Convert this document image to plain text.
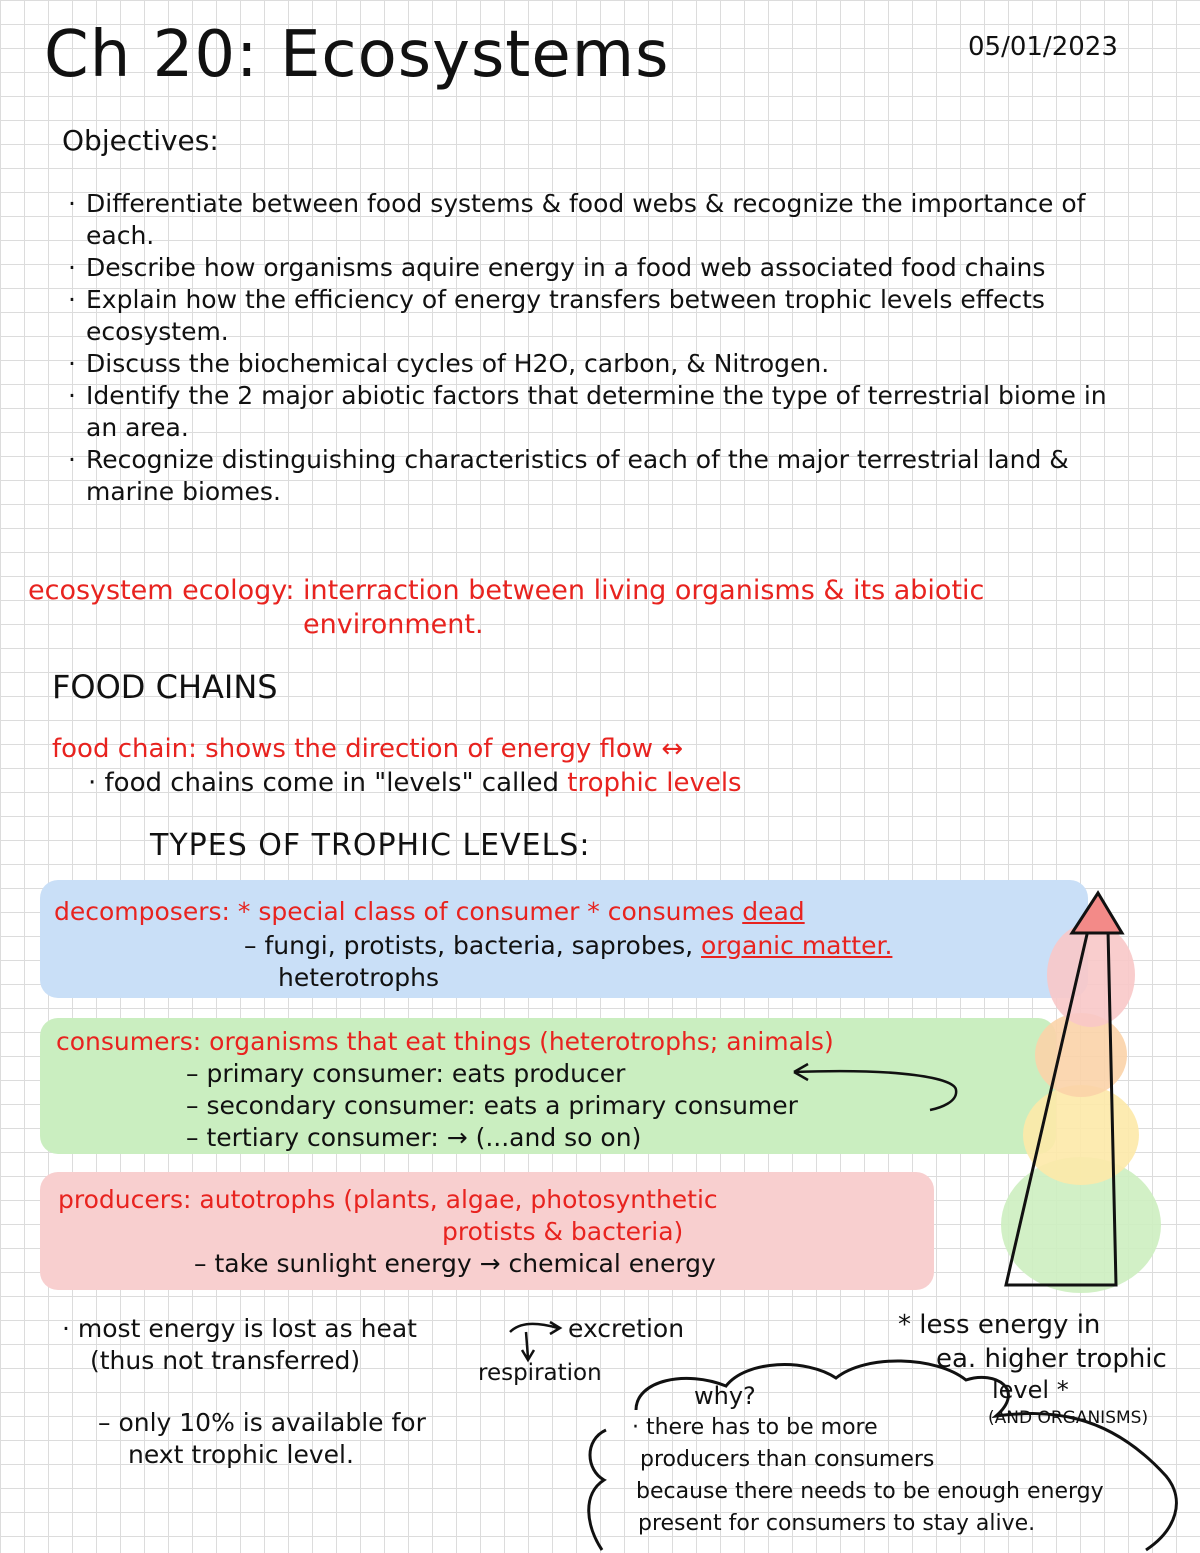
Ch 20: Ecosystems	05/01/2023
Objectives:
· Differentiate between food systems & food webs & recognize the importance of each.
· Describe how organisms aquire energy in a food web associated food chains
· Explain how the efficiency of energy transfers between trophic levels effects ecosystem.
· Discuss the biochemical cycles of H2O, carbon, & Nitrogen.
· Identify the 2 major abiotic factors that determine the type of terrestrial biome in an area.
· Recognize distinguishing characteristics of each of the major terrestrial land & marine biomes.
ecosystem ecology: interraction between living organisms & its abiotic environment.
FOOD CHAINS
food chain: shows the direction of energy flow ↔
· food chains come in "levels" called trophic levels
TYPES OF TROPHIC LEVELS:
decomposers: * special class of consumer * consumes dead
– fungi, protists, bacteria, saprobes, organic matter.
heterotrophs
consumers: organisms that eat things (heterotrophs; animals)
– primary consumer: eats producer
– secondary consumer: eats a primary consumer
– tertiary consumer: → (...and so on)
producers: autotrophs (plants, algae, photosynthetic
protists & bacteria)
– take sunlight energy → chemical energy
· most energy is lost as heat
(thus not transferred)
excretion
respiration
– only 10% is available for
next trophic level.
* less energy in
ea. higher trophic
level *
(AND ORGANISMS)
why?
· there has to be more
producers than consumers
because there needs to be enough energy
present for consumers to stay alive.
